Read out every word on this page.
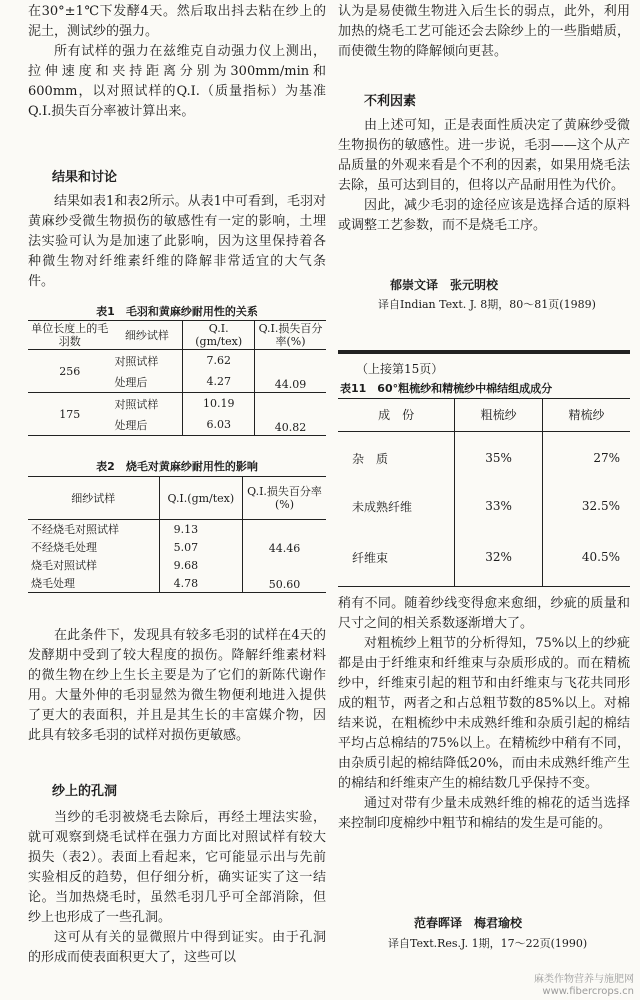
在30°±1℃下发酵4天。然后取出抖去粘在纱上的泥土，测试纱的强力。

所有试样的强力在兹维克自动强力仪上测出，拉伸速度和夹持距离分别为300mm/min和600mm，以对照试样的Q.I.（质量指标）为基准Q.I.损失百分率被计算出来。

结果和讨论

结果如表1和表2所示。从表1中可看到，毛羽对黄麻纱受微生物损伤的敏感性有一定的影响，土埋法实验可认为是加速了此影响，因为这里保持着各种微生物对纤维素纤维的降解非常适宜的大气条件。

表1　毛羽和黄麻纱耐用性的关系
单位长度上的毛羽数	细纱试样	Q.I.(gm/tex)	Q.I.损失百分率(%)
256	对照试样	7.62	44.09
	处理后	4.27	
175	对照试样	10.19	40.82
	处理后	6.03	
表2　烧毛对黄麻纱耐用性的影响
细纱试样	Q.I.(gm/tex)	Q.I.损失百分率(%)
不经烧毛对照试样	9.13	44.46
不经烧毛处理	5.07	
烧毛对照试样	9.68	50.60
烧毛处理	4.78	

在此条件下，发现具有较多毛羽的试样在4天的发酵期中受到了较大程度的损伤。降解纤维素材料的微生物在纱上生长主要是为了它们的新陈代谢作用。大量外伸的毛羽显然为微生物便利地进入提供了更大的表面积，并且是其生长的丰富媒介物，因此具有较多毛羽的试样对损伤更敏感。

纱上的孔洞

当纱的毛羽被烧毛去除后，再经土埋法实验，就可观察到烧毛试样在强力方面比对照试样有较大损失（表2）。表面上看起来，它可能显示出与先前实验相反的趋势，但仔细分析，确实证实了这一结论。当加热烧毛时，虽然毛羽几乎可全部消除，但纱上也形成了一些孔洞。

这可从有关的显微照片中得到证实。由于孔洞的形成而使表面积更大了，这些可以

认为是易使微生物进入后生长的弱点，此外，利用加热的烧毛工艺可能还会去除纱上的一些脂蜡质，而使微生物的降解倾向更甚。

不利因素

由上述可知，正是表面性质决定了黄麻纱受微生物损伤的敏感性。进一步说，毛羽——这个从产品质量的外观来看是个不利的因素，如果用烧毛法去除，虽可达到目的，但将以产品耐用性为代价。

因此，减少毛羽的途径应该是选择合适的原料或调整工艺参数，而不是烧毛工序。

郁崇文译　张元明校
译自Indian Text. J. 8期，80～81页(1989)
（上接第15页）
表11　60°粗梳纱和精梳纱中棉结组成成分
成　份	粗梳纱	精梳纱
杂　质	35%	27%
未成熟纤维	33%	32.5%
纤维束	32%	40.5%

稍有不同。随着纱线变得愈来愈细，纱疵的质量和尺寸之间的相关系数逐渐增大了。

对粗梳纱上粗节的分析得知，75%以上的纱疵都是由于纤维束和纤维束与杂质形成的。而在精梳纱中，纤维束引起的粗节和由纤维束与飞花共同形成的粗节，两者之和占总粗节数的85%以上。对棉结来说，在粗梳纱中未成熟纤维和杂质引起的棉结平均占总棉结的75%以上。在精梳纱中稍有不同，由杂质引起的棉结降低20%，而由未成熟纤维产生的棉结和纤维束产生的棉结数几乎保持不变。

通过对带有少量未成熟纤维的棉花的适当选择来控制印度棉纱中粗节和棉结的发生是可能的。

范春晖译　梅君瑜校
译自Text.Res.J. 1期，17～22页(1990)
麻类作物营养与施肥网
www.fibercrops.cn
